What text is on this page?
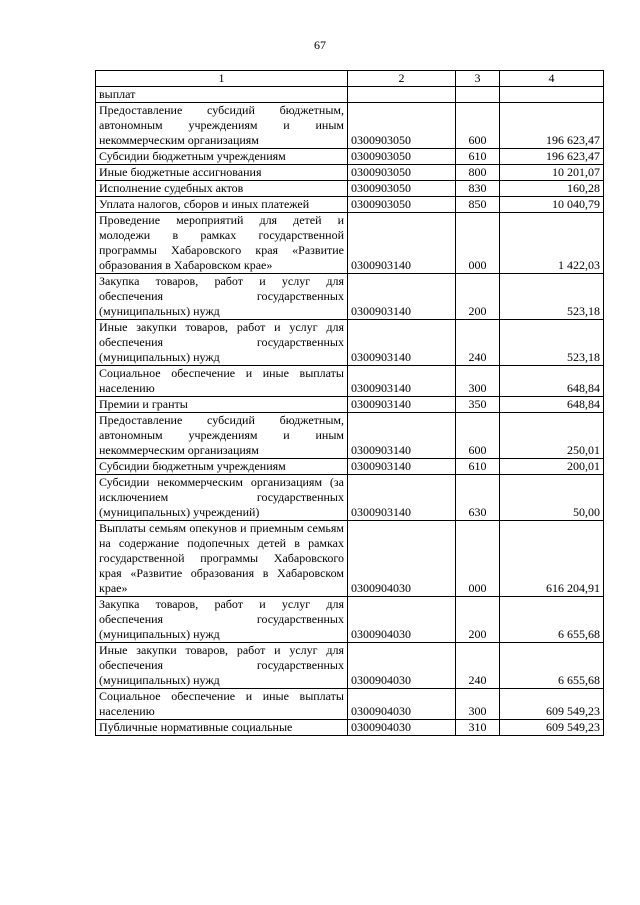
67
1	2	3	4
выплат			
Предоставление субсидий бюджетным, автономным учреждениям и иным некоммерческим организациям	0300903050	600	196 623,47
Субсидии бюджетным учреждениям	0300903050	610	196 623,47
Иные бюджетные ассигнования	0300903050	800	10 201,07
Исполнение судебных актов	0300903050	830	160,28
Уплата налогов, сборов и иных платежей	0300903050	850	10 040,79
Проведение мероприятий для детей и молодежи в рамках государственной программы Хабаровского края «Развитие образования в Хабаровском крае»	0300903140	000	1 422,03
Закупка товаров, работ и услуг для обеспечения государственных (муниципальных) нужд	0300903140	200	523,18
Иные закупки товаров, работ и услуг для обеспечения государственных (муниципальных) нужд	0300903140	240	523,18
Социальное обеспечение и иные выплаты населению	0300903140	300	648,84
Премии и гранты	0300903140	350	648,84
Предоставление субсидий бюджетным, автономным учреждениям и иным некоммерческим организациям	0300903140	600	250,01
Субсидии бюджетным учреждениям	0300903140	610	200,01
Субсидии некоммерческим организациям (за исключением государственных (муниципальных) учреждений)	0300903140	630	50,00
Выплаты семьям опекунов и приемным семьям на содержание подопечных детей в рамках государственной программы Хабаровского края «Развитие образования в Хабаровском крае»	0300904030	000	616 204,91
Закупка товаров, работ и услуг для обеспечения государственных (муниципальных) нужд	0300904030	200	6 655,68
Иные закупки товаров, работ и услуг для обеспечения государственных (муниципальных) нужд	0300904030	240	6 655,68
Социальное обеспечение и иные выплаты населению	0300904030	300	609 549,23
Публичные нормативные социальные	0300904030	310	609 549,23
